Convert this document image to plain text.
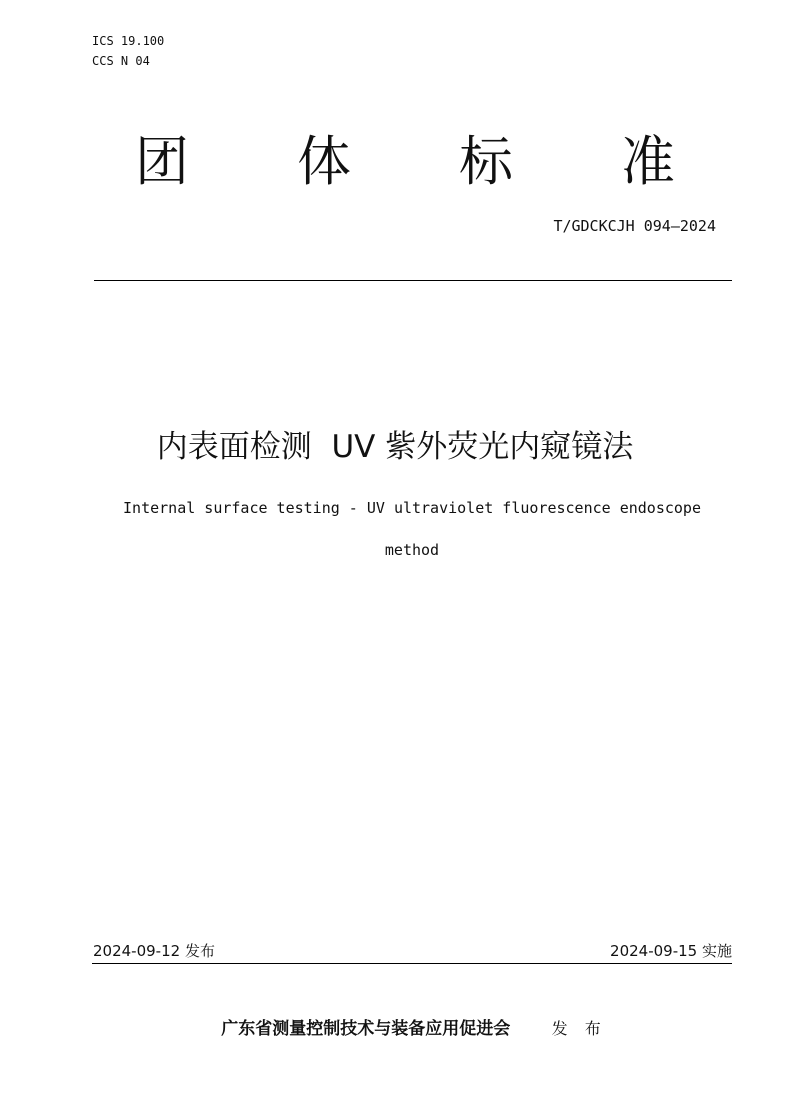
ICS 19.100
CCS N 04
团 体 标 准
T/GDCKCJH 094—2024
内表面检测  UV 紫外荧光内窥镜法
Internal surface testing - UV ultraviolet fluorescence endoscope
method
2024-09-12 发布	2024-09-15 实施
广东省测量控制技术与装备应用促进会	发 布
